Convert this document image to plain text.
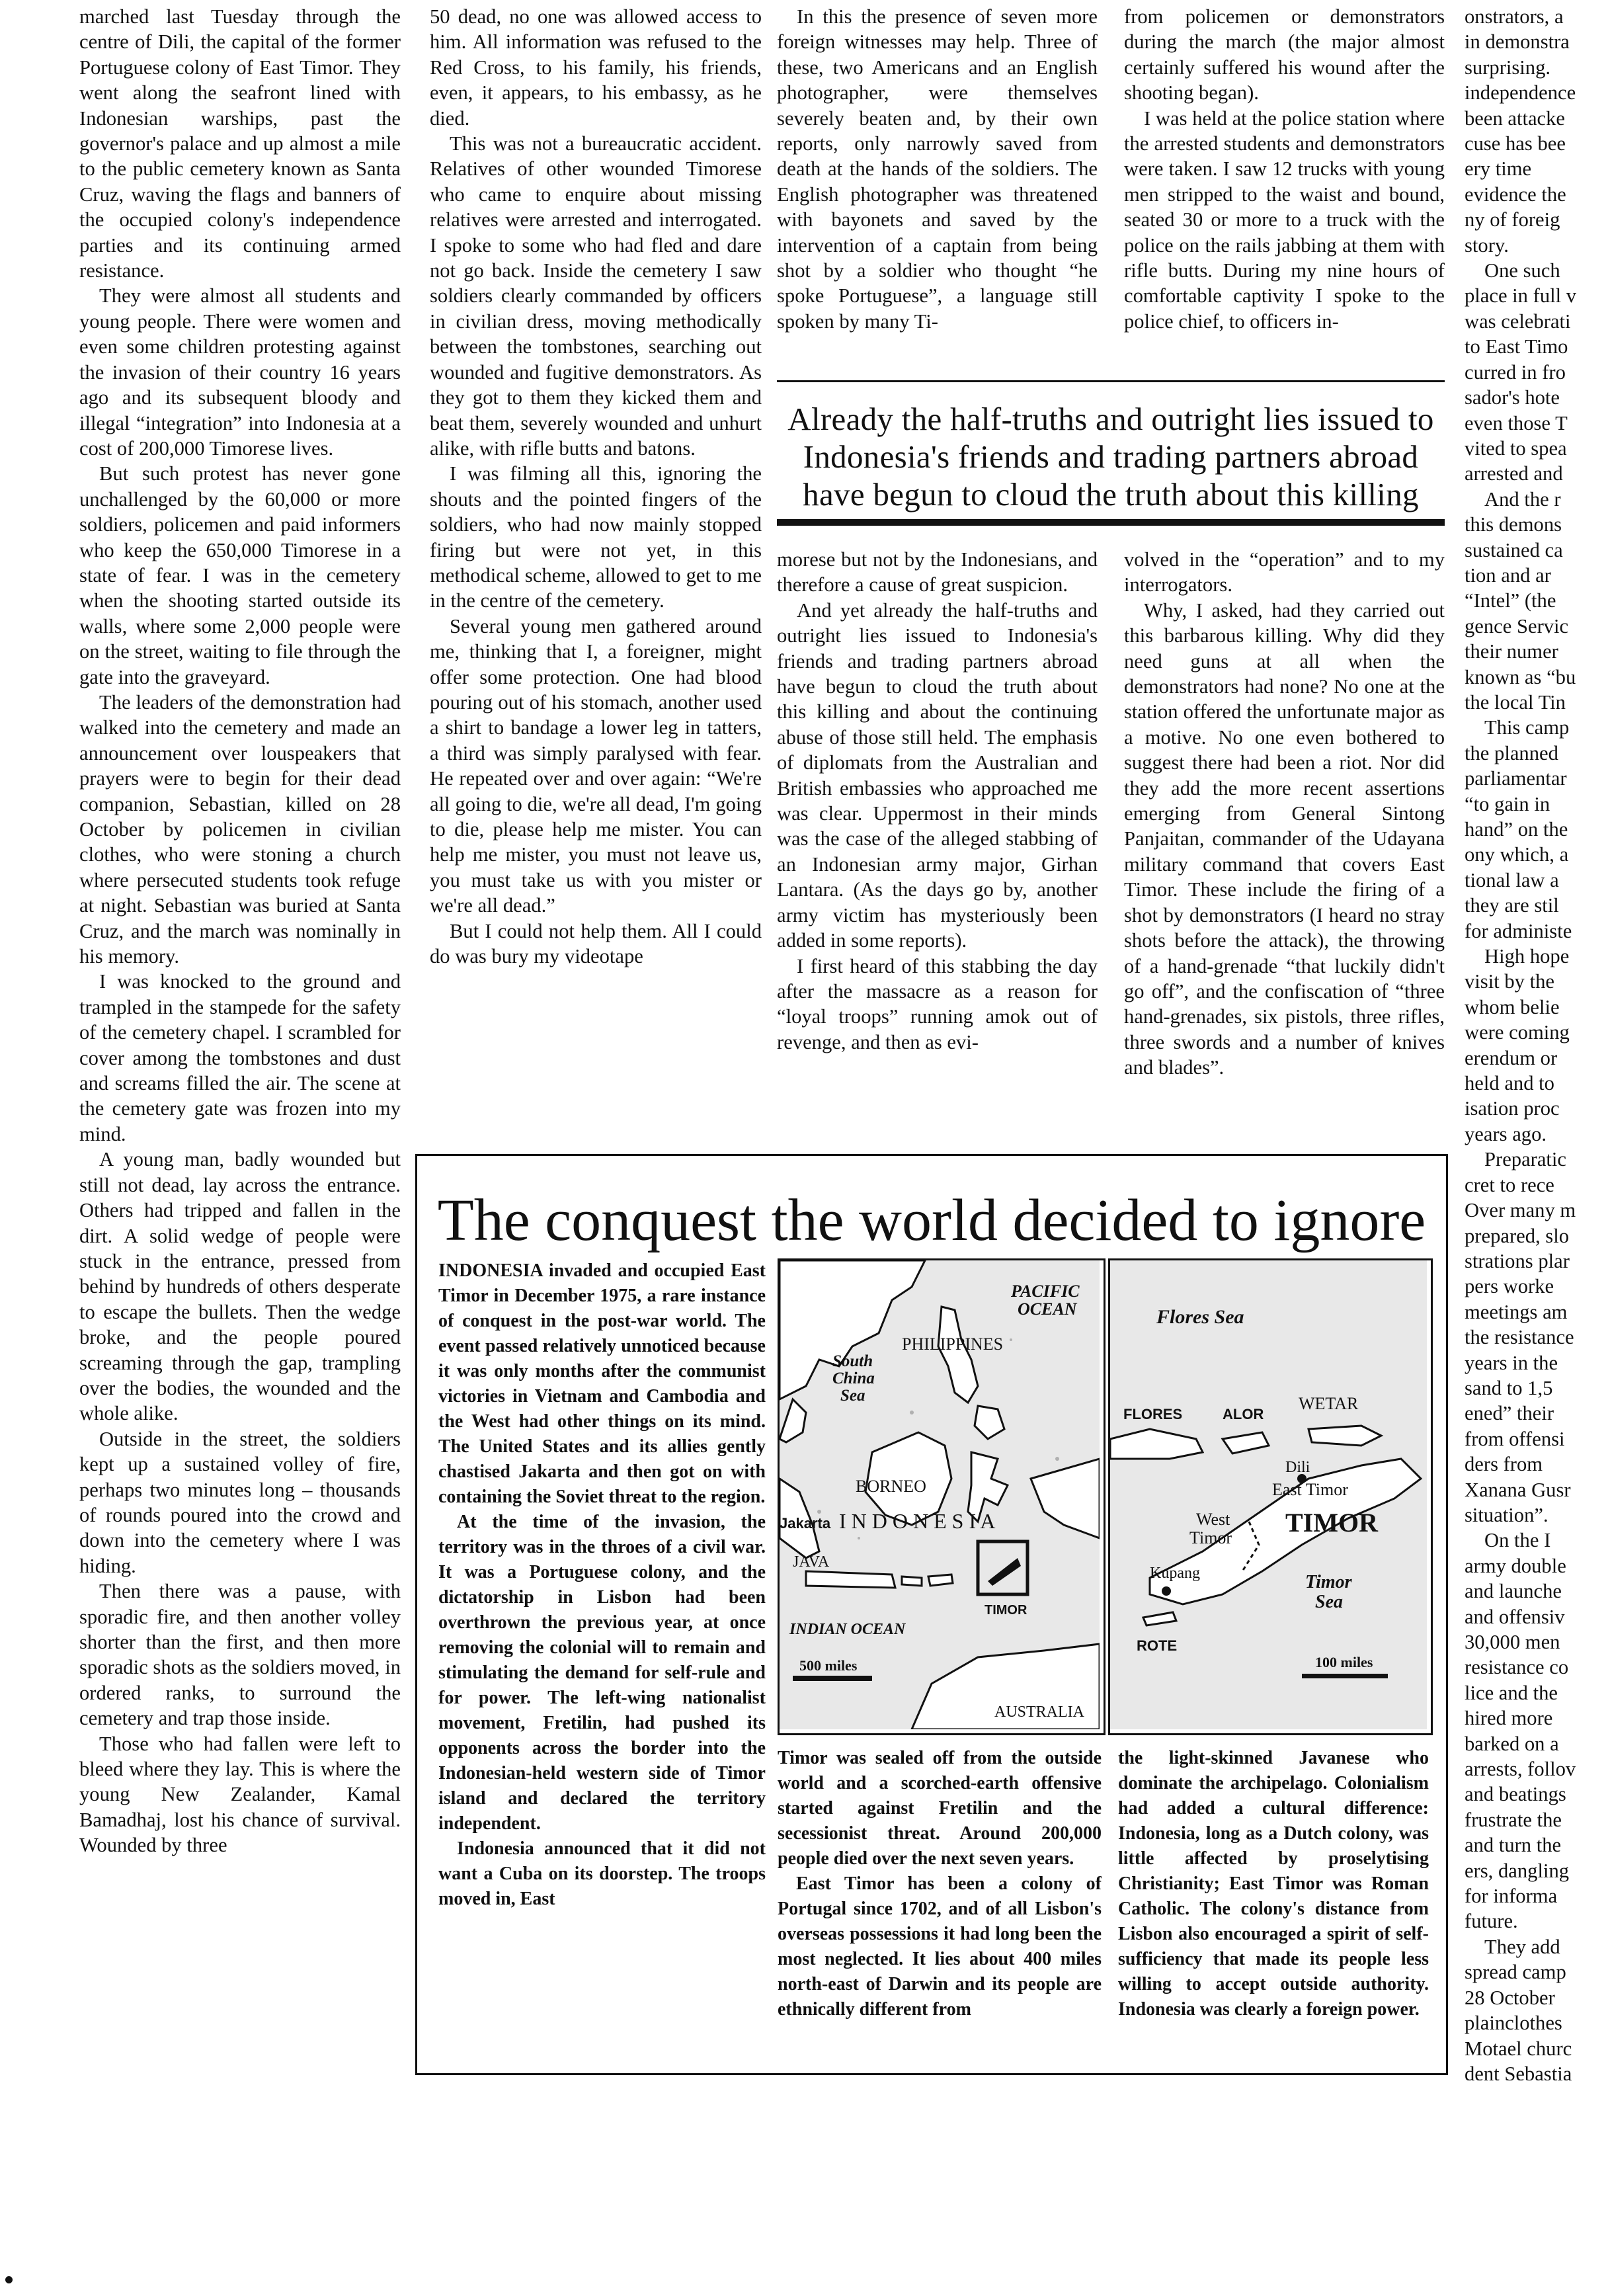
marched last Tuesday through the centre of Dili, the capital of the former Portuguese colony of East Timor. They went along the seafront lined with Indonesian warships, past the governor's palace and up almost a mile to the public cemetery known as Santa Cruz, waving the flags and banners of the occupied colony's independence parties and its continuing armed resistance.

They were almost all students and young people. There were women and even some children protesting against the invasion of their country 16 years ago and its subsequent bloody and illegal “integration” into Indonesia at a cost of 200,000 Timorese lives.

But such protest has never gone unchallenged by the 60,000 or more soldiers, policemen and paid informers who keep the 650,000 Timorese in a state of fear. I was in the cemetery when the shooting started outside its walls, where some 2,000 people were on the street, waiting to file through the gate into the graveyard.

The leaders of the demonstration had walked into the cemetery and made an announcement over louspeakers that prayers were to begin for their dead companion, Sebastian, killed on 28 October by policemen in civilian clothes, who were stoning a church where persecuted students took refuge at night. Sebastian was buried at Santa Cruz, and the march was nominally in his memory.

I was knocked to the ground and trampled in the stampede for the safety of the cemetery chapel. I scrambled for cover among the tombstones and dust and screams filled the air. The scene at the cemetery gate was frozen into my mind.

A young man, badly wounded but still not dead, lay across the entrance. Others had tripped and fallen in the dirt. A solid wedge of people were stuck in the entrance, pressed from behind by hundreds of others desperate to escape the bullets. Then the wedge broke, and the people poured screaming through the gap, trampling over the bodies, the wounded and the whole alike.

Outside in the street, the soldiers kept up a sustained volley of fire, perhaps two minutes long – thousands of rounds poured into the crowd and down into the cemetery where I was hiding.

Then there was a pause, with sporadic fire, and then another volley shorter than the first, and then more sporadic shots as the soldiers moved, in ordered ranks, to surround the cemetery and trap those inside.

Those who had fallen were left to bleed where they lay. This is where the young New Zealander, Kamal Bamadhaj, lost his chance of survival. Wounded by three

50 dead, no one was allowed access to him. All information was refused to the Red Cross, to his family, his friends, even, it appears, to his embassy, as he died.

This was not a bureaucratic accident. Relatives of other wounded Timorese who came to enquire about missing relatives were arrested and interrogated. I spoke to some who had fled and dare not go back. Inside the cemetery I saw soldiers clearly commanded by officers in civilian dress, moving methodically between the tombstones, searching out wounded and fugitive demonstrators. As they got to them they kicked them and beat them, severely wounded and unhurt alike, with rifle butts and batons.

I was filming all this, ignoring the shouts and the pointed fingers of the soldiers, who had now mainly stopped firing but were not yet, in this methodical scheme, allowed to get to me in the centre of the cemetery.

Several young men gathered around me, thinking that I, a foreigner, might offer some protection. One had blood pouring out of his stomach, another used a shirt to bandage a lower leg in tatters, a third was simply paralysed with fear. He repeated over and over again: “We're all going to die, we're all dead, I'm going to die, please help me mister. You can help me mister, you must not leave us, you must take us with you mister or we're all dead.”

But I could not help them. All I could do was bury my videotape

In this the presence of seven more foreign witnesses may help. Three of these, two Americans and an English photographer, were themselves severely beaten and, by their own reports, only narrowly saved from death at the hands of the soldiers. The English photographer was threatened with bayonets and saved by the intervention of a captain from being shot by a soldier who thought “he spoke Portuguese”, a language still spoken by many Ti-

from policemen or demonstrators during the march (the major almost certainly suffered his wound after the shooting began).

I was held at the police station where the arrested students and demonstrators were taken. I saw 12 trucks with young men stripped to the waist and bound, seated 30 or more to a truck with the police on the rails jabbing at them with rifle butts. During my nine hours of comfortable captivity I spoke to the police chief, to officers in-

Already the half-truths and outright lies issued to Indonesia's friends and trading partners abroad have begun to cloud the truth about this killing

morese but not by the Indonesians, and therefore a cause of great suspicion.

And yet already the half-truths and outright lies issued to Indonesia's friends and trading partners abroad have begun to cloud the truth about this killing and about the continuing abuse of those still held. The emphasis of diplomats from the Australian and British embassies who approached me was clear. Uppermost in their minds was the case of the alleged stabbing of an Indonesian army major, Girhan Lantara. (As the days go by, another army victim has mysteriously been added in some reports).

I first heard of this stabbing the day after the massacre as a reason for “loyal troops” running amok out of revenge, and then as evi-

volved in the “operation” and to my interrogators.

Why, I asked, had they carried out this barbarous killing. Why did they need guns at all when the demonstrators had none? No one at the station offered the unfortunate major as a motive. No one even bothered to suggest there had been a riot. Nor did they add the more recent assertions emerging from General Sintong Panjaitan, commander of the Udayana military command that covers East Timor. These include the firing of a shot by demonstrators (I heard no stray shots before the attack), the throwing of a hand-grenade “that luckily didn't go off”, and the confiscation of “three hand-grenades, six pistols, three rifles, three swords and a number of knives and blades”.

onstrators, a

in demonstra

surprising.

independence

been attacke

cuse has bee

ery time

evidence the

ny of foreig

story.

One such

place in full v

was celebrati

to East Timo

curred in fro

sador's hote

even those T

vited to spea

arrested and

And the r

this demons

sustained ca

tion and ar

“Intel” (the

gence Servic

their numer

known as “bu

the local Tin

This camp

the planned

parliamentar

“to gain in

hand” on the

ony which, a

tional law a

they are stil

for administe

High hope

visit by the

whom belie

were coming

erendum or

held and to

isation proc

years ago.

Preparatic

cret to rece

Over many m

prepared, slo

strations plar

pers worke

meetings am

the resistance

years in the

sand to 1,5

ened” their

from offensi

ders from

Xanana Gusr

situation”.

On the I

army double

and launche

and offensiv

30,000 men

resistance co

lice and the

hired more

barked on a

arrests, follov

and beatings

frustrate the

and turn the

ers, dangling

for informa

future.

They add

spread camp

28 October

plainclothes

Motael churc

dent Sebastia

The conquest the world decided to ignore

INDONESIA invaded and occupied East Timor in December 1975, a rare instance of conquest in the post-war world. The event passed relatively unnoticed because it was only months after the communist victories in Vietnam and Cambodia and the West had other things on its mind. The United States and its allies gently chastised Jakarta and then got on with containing the Soviet threat to the region.

At the time of the invasion, the territory was in the throes of a civil war. It was a Portuguese colony, and the dictatorship in Lisbon had been overthrown the previous year, at once removing the colonial will to remain and stimulating the demand for self-rule and for power. The left-wing nationalist movement, Fretilin, had pushed its opponents across the border into the Indonesian-held western side of Timor island and declared the territory independent.

Indonesia announced that it did not want a Cuba on its doorstep. The troops moved in, East

PACIFIC
OCEAN
PHILIPPINES
South
China
Sea
BORNEO
Jakarta I N D O N E S I A
JAVA
INDIAN OCEAN
TIMOR
500 miles
AUSTRALIA
Flores Sea
WETAR
FLORES	ALOR
Dili
East Timor
West
Timor
TIMOR
Kupang	Timor
Sea
ROTE
100 miles

Timor was sealed off from the outside world and a scorched-earth offensive started against Fretilin and the secessionist threat. Around 200,000 people died over the next seven years.

East Timor has been a colony of Portugal since 1702, and of all Lisbon's overseas possessions it had long been the most neglected. It lies about 400 miles north-east of Darwin and its people are ethnically different from

the light-skinned Javanese who dominate the archipelago. Colonialism had added a cultural difference: Indonesia, long as a Dutch colony, was little affected by proselytising Christianity; East Timor was Roman Catholic. The colony's distance from Lisbon also encouraged a spirit of self-sufficiency that made its people less willing to accept outside authority. Indonesia was clearly a foreign power.
